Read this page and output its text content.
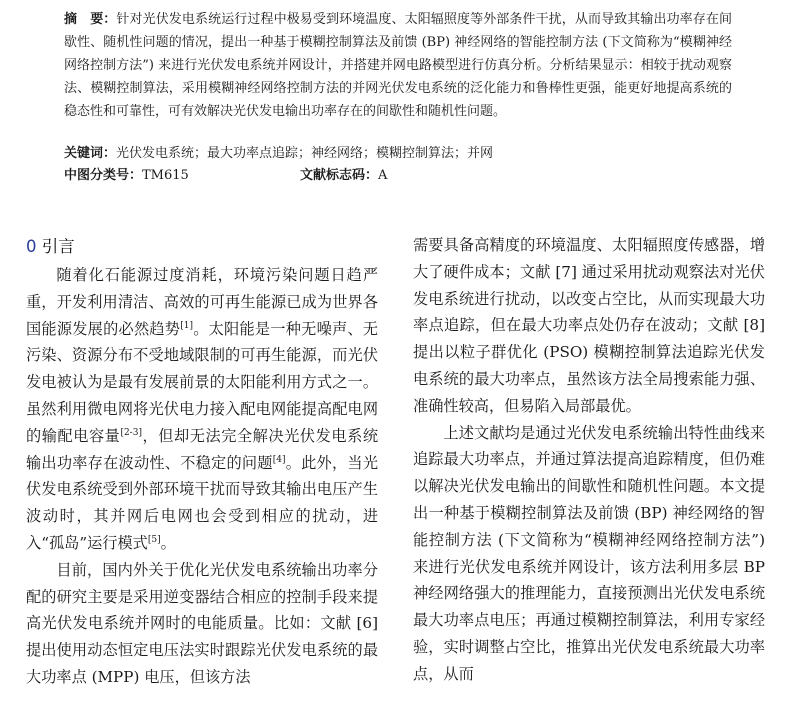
摘　要：针对光伏发电系统运行过程中极易受到环境温度、太阳辐照度等外部条件干扰，从而导致其输出功率存在间歇性、随机性问题的情况，提出一种基于模糊控制算法及前馈 (BP) 神经网络的智能控制方法 (下文简称为“模糊神经网络控制方法”) 来进行光伏发电系统并网设计，并搭建并网电路模型进行仿真分析。分析结果显示：相较于扰动观察法、模糊控制算法，采用模糊神经网络控制方法的并网光伏发电系统的泛化能力和鲁棒性更强，能更好地提高系统的稳态性和可靠性，可有效解决光伏发电输出功率存在的间歇性和随机性问题。
关键词：光伏发电系统；最大功率点追踪；神经网络；模糊控制算法；并网
中图分类号：TM615	文献标志码：A
0 引言

随着化石能源过度消耗，环境污染问题日趋严重，开发利用清洁、高效的可再生能源已成为世界各国能源发展的必然趋势[1]。太阳能是一种无噪声、无污染、资源分布不受地域限制的可再生能源，而光伏发电被认为是最有发展前景的太阳能利用方式之一。虽然利用微电网将光伏电力接入配电网能提高配电网的输配电容量[2-3]，但却无法完全解决光伏发电系统输出功率存在波动性、不稳定的问题[4]。此外，当光伏发电系统受到外部环境干扰而导致其输出电压产生波动时，其并网后电网也会受到相应的扰动，进入“孤岛”运行模式[5]。

目前，国内外关于优化光伏发电系统输出功率分配的研究主要是采用逆变器结合相应的控制手段来提高光伏发电系统并网时的电能质量。比如：文献 [6] 提出使用动态恒定电压法实时跟踪光伏发电系统的最大功率点 (MPP) 电压，但该方法

需要具备高精度的环境温度、太阳辐照度传感器，增大了硬件成本；文献 [7] 通过采用扰动观察法对光伏发电系统进行扰动，以改变占空比，从而实现最大功率点追踪，但在最大功率点处仍存在波动；文献 [8] 提出以粒子群优化 (PSO) 模糊控制算法追踪光伏发电系统的最大功率点，虽然该方法全局搜索能力强、准确性较高，但易陷入局部最优。

上述文献均是通过光伏发电系统输出特性曲线来追踪最大功率点，并通过算法提高追踪精度，但仍难以解决光伏发电输出的间歇性和随机性问题。本文提出一种基于模糊控制算法及前馈 (BP) 神经网络的智能控制方法 (下文简称为“模糊神经网络控制方法”) 来进行光伏发电系统并网设计，该方法利用多层 BP 神经网络强大的推理能力，直接预测出光伏发电系统最大功率点电压；再通过模糊控制算法，利用专家经验，实时调整占空比，推算出光伏发电系统最大功率点，从而
